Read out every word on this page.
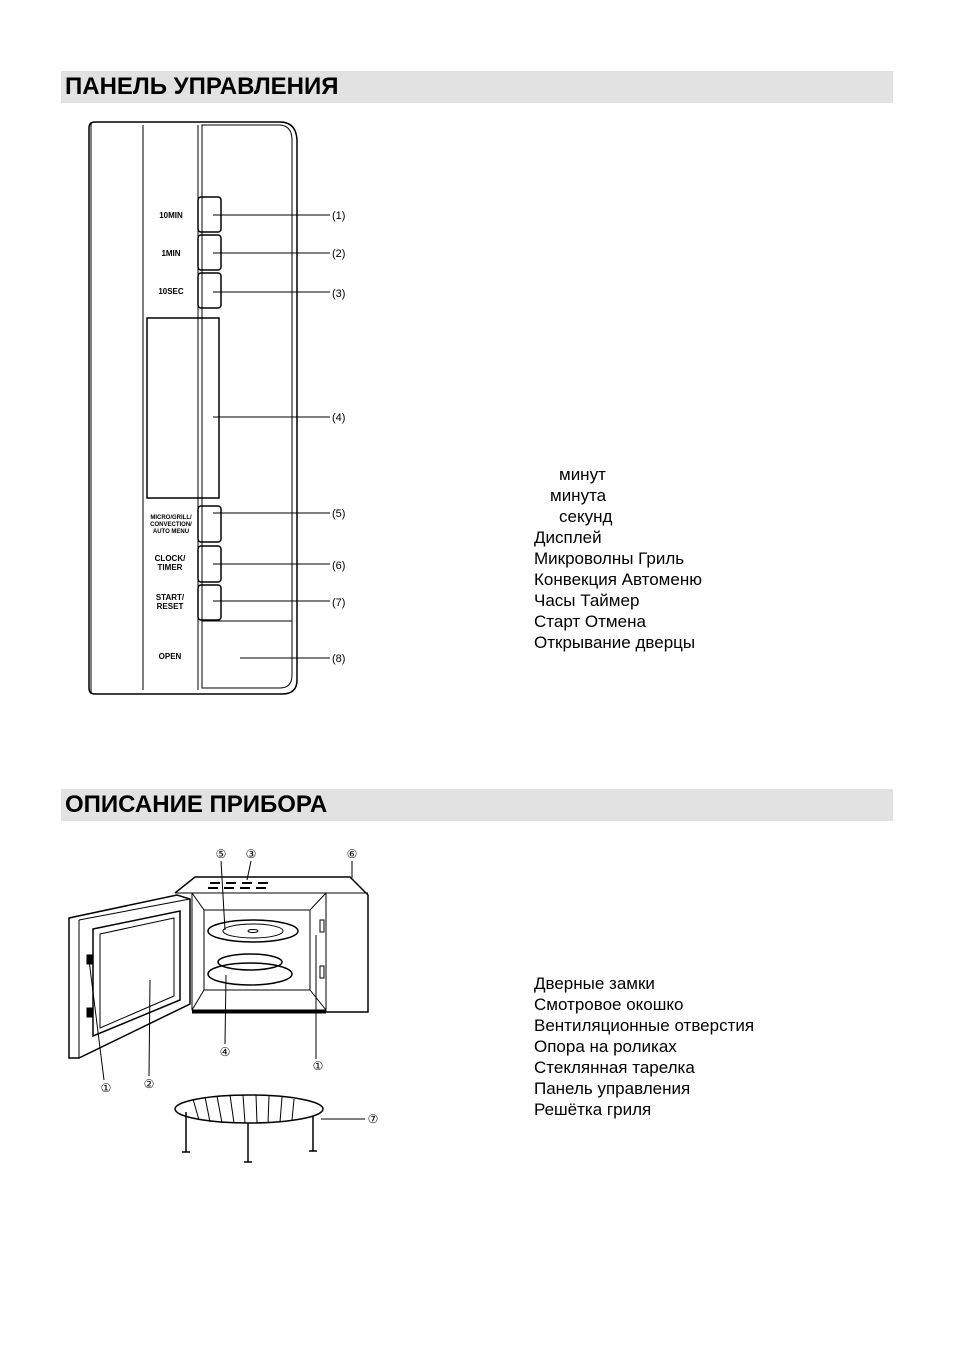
ПАНЕЛЬ УПРАВЛЕНИЯ
10MIN
1MIN
10SEC
MICRO/GRILL/
CONVECTION/
AUTO MENU
CLOCK/
TIMER
START/
RESET
OPEN
(1)
(2)
(3)
(4)
(5)
(6)
(7)
(8)
⑤ ③	⑥
④
①
①	②
⑦
минут
минута
секунд
Дисплей
Микроволны Гриль
Конвекция Автоменю
Часы Таймер
Старт Отмена
Открывание дверцы
ОПИСАНИЕ ПРИБОРА
Дверные замки
Смотровое окошко
Вентиляционные отверстия
Опора на роликах
Стеклянная тарелка
Панель управления
Решётка гриля
